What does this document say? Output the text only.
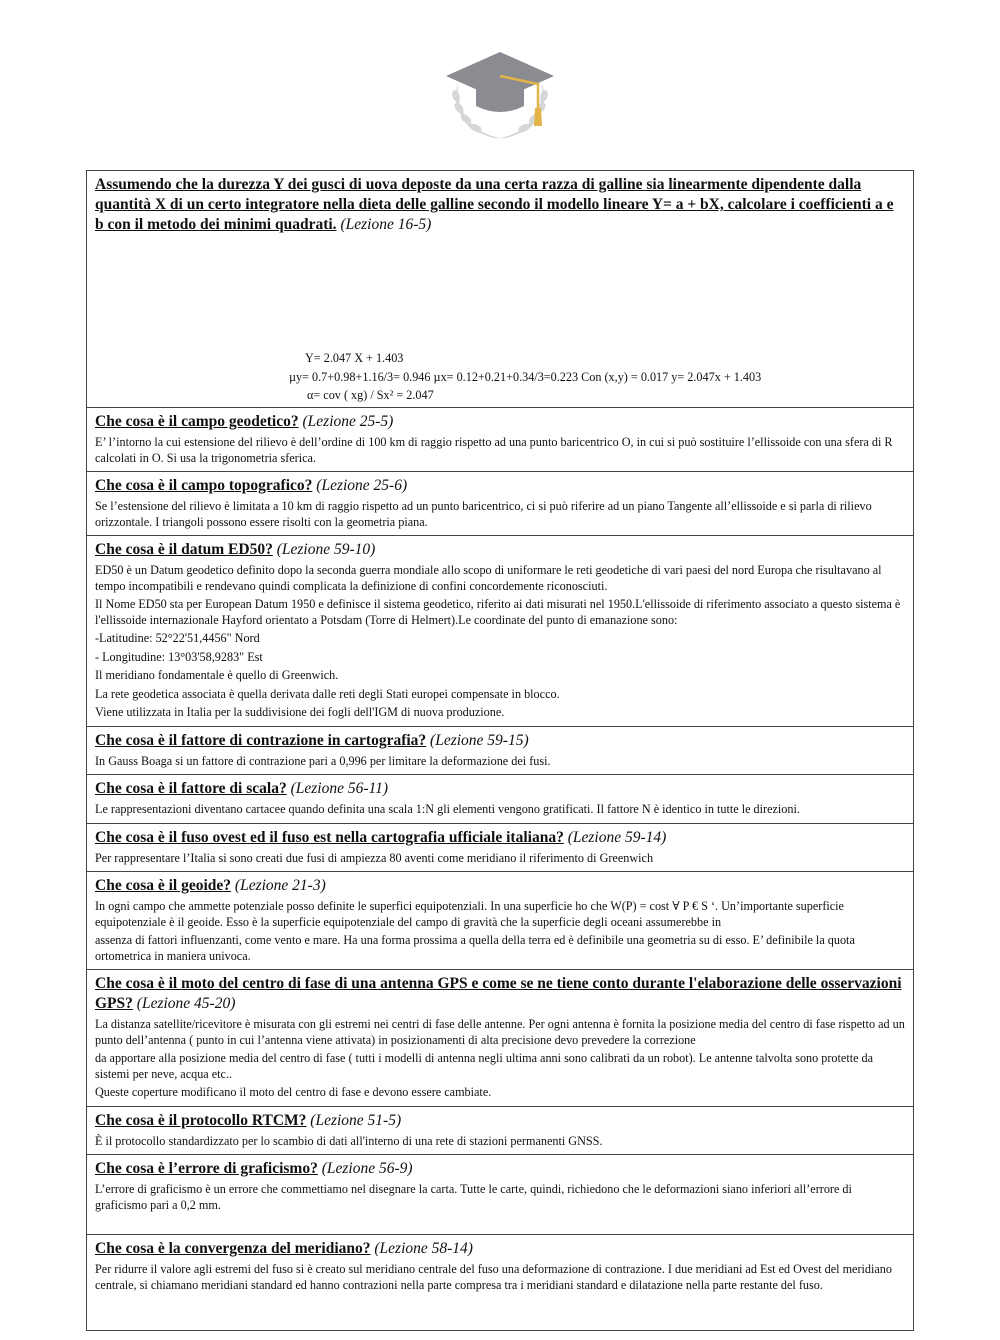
Assumendo che la durezza Y dei gusci di uova deposte da una certa razza di galline sia linearmente dipendente dalla quantità X di un certo integratore nella dieta delle galline secondo il modello lineare Y= a + bX, calcolare i coefficienti a e b con il metodo dei minimi quadrati. (Lezione 16-5)
Y= 2.047 X + 1.403
µy= 0.7+0.98+1.16/3= 0.946 µx= 0.12+0.21+0.34/3=0.223 Con (x,y) = 0.017 y= 2.047x + 1.403
α= cov ( xg) / Sx² = 2.047
Che cosa è il campo geodetico? (Lezione 25-5)

E’ l’intorno la cui estensione del rilievo è dell’ordine di 100 km di raggio rispetto ad una punto baricentrico O, in cui si può sostituire l’ellissoide con una sfera di R calcolati in O. Si usa la trigonometria sferica.

Che cosa è il campo topografico? (Lezione 25-6)

Se l’estensione del rilievo è limitata a 10 km di raggio rispetto ad un punto baricentrico, ci si può riferire ad un piano Tangente all’ellissoide e si parla di rilievo orizzontale. I triangoli possono essere risolti con la geometria piana.

Che cosa è il datum ED50? (Lezione 59-10)

ED50 è un Datum geodetico definito dopo la seconda guerra mondiale allo scopo di uniformare le reti geodetiche di vari paesi del nord Europa che risultavano al tempo incompatibili e rendevano quindi complicata la definizione di confini concordemente riconosciuti.

Il Nome ED50 sta per European Datum 1950 e definisce il sistema geodetico, riferito ai dati misurati nel 1950.L'ellissoide di riferimento associato a questo sistema è l'ellissoide internazionale Hayford orientato a Potsdam (Torre di Helmert).Le coordinate del punto di emanazione sono:

-Latitudine: 52°22'51,4456" Nord

- Longitudine: 13°03'58,9283" Est

Il meridiano fondamentale è quello di Greenwich.

La rete geodetica associata è quella derivata dalle reti degli Stati europei compensate in blocco.

Viene utilizzata in Italia per la suddivisione dei fogli dell'IGM di nuova produzione.

Che cosa è il fattore di contrazione in cartografia? (Lezione 59-15)

In Gauss Boaga si un fattore di contrazione pari a 0,996 per limitare la deformazione dei fusi.

Che cosa è il fattore di scala? (Lezione 56-11)

Le rappresentazioni diventano cartacee quando definita una scala 1:N gli elementi vengono gratificati. Il fattore N è identico in tutte le direzioni.

Che cosa è il fuso ovest ed il fuso est nella cartografia ufficiale italiana? (Lezione 59-14)

Per rappresentare l’Italia si sono creati due fusi di ampiezza 80 aventi come meridiano il riferimento di Greenwich

Che cosa è il geoide? (Lezione 21-3)

In ogni campo che ammette potenziale posso definite le superfici equipotenziali. In una superficie ho che W(P) = cost ∀ P € S ‘. Un’importante superficie equipotenziale è il geoide. Esso è la superficie equipotenziale del campo di gravità che la superficie degli oceani assumerebbe in

assenza di fattori influenzanti, come vento e mare. Ha una forma prossima a quella della terra ed è definibile una geometria su di esso. E’ definibile la quota ortometrica in maniera univoca.

Che cosa è il moto del centro di fase di una antenna GPS e come se ne tiene conto durante l'elaborazione delle osservazioni GPS? (Lezione 45-20)

La distanza satellite/ricevitore è misurata con gli estremi nei centri di fase delle antenne. Per ogni antenna è fornita la posizione media del centro di fase rispetto ad un punto dell’antenna ( punto in cui l’antenna viene attivata) in posizionamenti di alta precisione devo prevedere la correzione

da apportare alla posizione media del centro di fase ( tutti i modelli di antenna negli ultima anni sono calibrati da un robot). Le antenne talvolta sono protette da sistemi per neve, acqua etc..

Queste coperture modificano il moto del centro di fase e devono essere cambiate.

Che cosa è il protocollo RTCM? (Lezione 51-5)

È il protocollo standardizzato per lo scambio di dati all'interno di una rete di stazioni permanenti GNSS.

Che cosa è l’errore di graficismo? (Lezione 56-9)

L’errore di graficismo è un errore che commettiamo nel disegnare la carta. Tutte le carte, quindi, richiedono che le deformazioni siano inferiori all’errore di graficismo pari a 0,2 mm.

Che cosa è la convergenza del meridiano? (Lezione 58-14)

Per ridurre il valore agli estremi del fuso si è creato sul meridiano centrale del fuso una deformazione di contrazione. I due meridiani ad Est ed Ovest del meridiano centrale, si chiamano meridiani standard ed hanno contrazioni nella parte compresa tra i meridiani standard e dilatazione nella parte restante del fuso.
